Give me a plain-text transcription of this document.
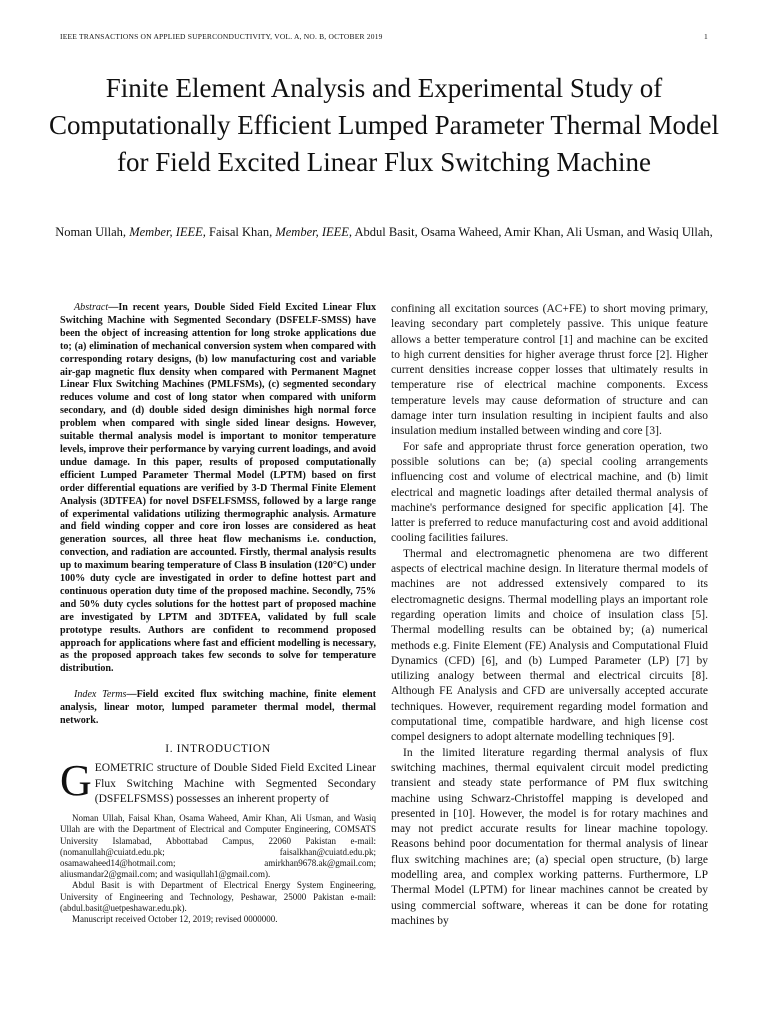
IEEE TRANSACTIONS ON APPLIED SUPERCONDUCTIVITY, VOL. A, NO. B, OCTOBER 2019	1
Finite Element Analysis and Experimental Study of Computationally Efficient Lumped Parameter Thermal Model for Field Excited Linear Flux Switching Machine
Noman Ullah, Member, IEEE, Faisal Khan, Member, IEEE, Abdul Basit, Osama Waheed, Amir Khan, Ali Usman, and Wasiq Ullah,

Abstract—In recent years, Double Sided Field Excited Linear Flux Switching Machine with Segmented Secondary (DSFELF-SMSS) have been the object of increasing attention for long stroke applications due to; (a) elimination of mechanical conversion system when compared with corresponding rotary designs, (b) low manufacturing cost and variable air-gap magnetic flux density when compared with Permanent Magnet Linear Flux Switching Machines (PMLFSMs), (c) segmented secondary reduces volume and cost of long stator when compared with uniform secondary, and (d) double sided design diminishes high normal force problem when compared with single sided linear designs. However, suitable thermal analysis model is important to monitor temperature levels, improve their performance by varying current loadings, and avoid undue damage. In this paper, results of proposed computationally efficient Lumped Parameter Thermal Model (LPTM) based on first order differential equations are verified by 3-D Thermal Finite Element Analysis (3DTFEA) for novel DSFELFSMSS, followed by a large range of experimental validations utilizing thermographic analysis. Armature and field winding copper and core iron losses are considered as heat generation sources, all three heat flow mechanisms i.e. conduction, convection, and radiation are accounted. Firstly, thermal analysis results up to maximum bearing temperature of Class B insulation (120°C) under 100% duty cycle are investigated in order to define hottest part and continuous operation duty time of the proposed machine. Secondly, 75% and 50% duty cycles solutions for the hottest part of proposed machine are investigated by LPTM and 3DTFEA, validated by full scale prototype results. Authors are confident to recommend proposed approach for applications where fast and efficient modelling is necessary, as the proposed approach takes few seconds to solve for temperature distribution.

Index Terms—Field excited flux switching machine, finite element analysis, linear motor, lumped parameter thermal model, thermal network.

I. INTRODUCTION

GEOMETRIC structure of Double Sided Field Excited Linear Flux Switching Machine with Segmented Secondary (DSFELFSMSS) possesses an inherent property of

Noman Ullah, Faisal Khan, Osama Waheed, Amir Khan, Ali Usman, and Wasiq Ullah are with the Department of Electrical and Computer Engineering, COMSATS University Islamabad, Abbottabad Campus, 22060 Pakistan e-mail: (nomanullah@cuiatd.edu.pk; faisalkhan@cuiatd.edu.pk; osamawaheed14@hotmail.com; amirkhan9678.ak@gmail.com; aliusmandar2@gmail.com; and wasiqullah1@gmail.com).

Abdul Basit is with Department of Electrical Energy System Engineering, University of Engineering and Technology, Peshawar, 25000 Pakistan e-mail: (abdul.basit@uetpeshawar.edu.pk).

Manuscript received October 12, 2019; revised 0000000.

confining all excitation sources (AC+FE) to short moving primary, leaving secondary part completely passive. This unique feature allows a better temperature control [1] and machine can be excited to high current densities for higher average thrust force [2]. Higher current densities increase copper losses that ultimately results in temperature rise of electrical machine components. Excess temperature levels may cause deformation of structure and can damage inter turn insulation resulting in incipient faults and also insulation medium installed between winding and core [3].

For safe and appropriate thrust force generation operation, two possible solutions can be; (a) special cooling arrangements influencing cost and volume of electrical machine, and (b) limit electrical and magnetic loadings after detailed thermal analysis of machine's performance designed for specific application [4]. The latter is preferred to reduce manufacturing cost and avoid additional cooling facilities failures.

Thermal and electromagnetic phenomena are two different aspects of electrical machine design. In literature thermal models of machines are not addressed extensively compared to its electromagnetic designs. Thermal modelling plays an important role regarding operation limits and choice of insulation class [5]. Thermal modelling results can be obtained by; (a) numerical methods e.g. Finite Element (FE) Analysis and Computational Fluid Dynamics (CFD) [6], and (b) Lumped Parameter (LP) [7] by utilizing analogy between thermal and electrical circuits [8]. Although FE Analysis and CFD are universally accepted accurate techniques. However, requirement regarding model formation and computational time, compatible hardware, and high license cost compel designers to adopt alternate modelling techniques [9].

In the limited literature regarding thermal analysis of flux switching machines, thermal equivalent circuit model predicting transient and steady state performance of PM flux switching machine using Schwarz-Christoffel mapping is developed and presented in [10]. However, the model is for rotary machines and may not predict accurate results for linear machine topology. Reasons behind poor documentation for thermal analysis of linear flux switching machines are; (a) special open structure, (b) large modelling area, and complex working patterns. Furthermore, LP Thermal Model (LPTM) for linear machines cannot be created by using commercial software, whereas it can be done for rotating machines by
